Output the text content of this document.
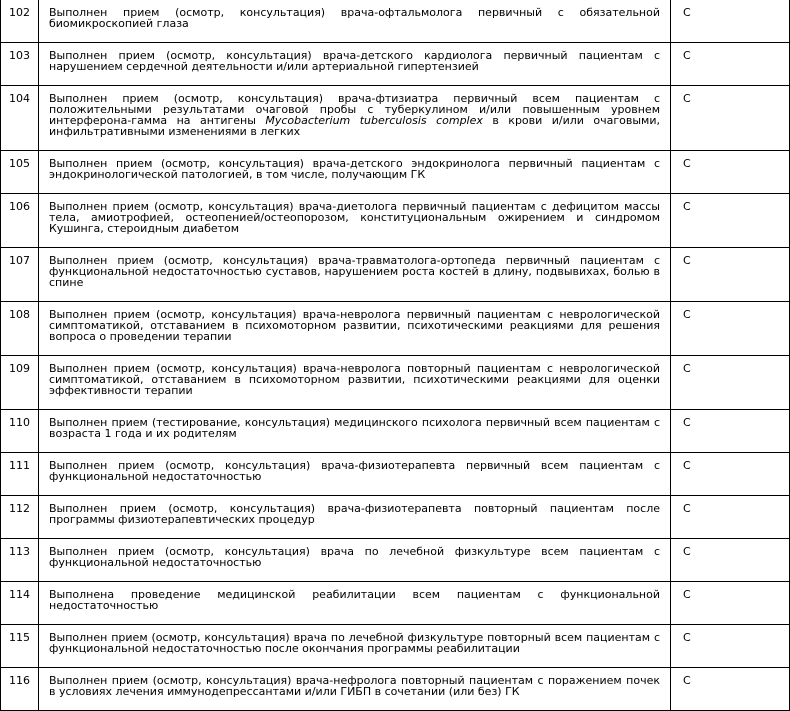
102	Выполнен прием (осмотр, консультация) врача-офтальмолога первичный с обязательной биомикроскопией глаза	С
103	Выполнен прием (осмотр, консультация) врача-детского кардиолога первичный пациентам с нарушением сердечной деятельности и/или артериальной гипертензией	С
104	Выполнен прием (осмотр, консультация) врача-фтизиатра первичный всем пациентам с положительными результатами очаговой пробы с туберкулином и/или повышенным уровнем интерферона-гамма на антигены Mycobacterium tuberculosis complex в крови и/или очаговыми, инфильтративными изменениями в легких	С
105	Выполнен прием (осмотр, консультация) врача-детского эндокринолога первичный пациентам с эндокринологической патологией, в том числе, получающим ГК	С
106	Выполнен прием (осмотр, консультация) врача-диетолога первичный пациентам с дефицитом массы тела, амиотрофией, остеопенией/остеопорозом, конституциональным ожирением и синдромом Кушинга, стероидным диабетом	С
107	Выполнен прием (осмотр, консультация) врача-травматолога-ортопеда первичный пациентам с функциональной недостаточностью суставов, нарушением роста костей в длину, подвывихах, болью в спине	С
108	Выполнен прием (осмотр, консультация) врача-невролога первичный пациентам с неврологической симптоматикой, отставанием в психомоторном развитии, психотическими реакциями для решения вопроса о проведении терапии	С
109	Выполнен прием (осмотр, консультация) врача-невролога повторный пациентам с неврологической симптоматикой, отставанием в психомоторном развитии, психотическими реакциями для оценки эффективности терапии	С
110	Выполнен прием (тестирование, консультация) медицинского психолога первичный всем пациентам с возраста 1 года и их родителям	С
111	Выполнен прием (осмотр, консультация) врача-физиотерапевта первичный всем пациентам с функциональной недостаточностью	С
112	Выполнен прием (осмотр, консультация) врача-физиотерапевта повторный пациентам после программы физиотерапевтических процедур	С
113	Выполнен прием (осмотр, консультация) врача по лечебной физкультуре всем пациентам с функциональной недостаточностью	С
114	Выполнена проведение медицинской реабилитации всем пациентам с функциональной недостаточностью	С
115	Выполнен прием (осмотр, консультация) врача по лечебной физкультуре повторный всем пациентам с функциональной недостаточностью после окончания программы реабилитации	С
116	Выполнен прием (осмотр, консультация) врача-нефролога повторный пациентам с поражением почек в условиях лечения иммунодепрессантами и/или ГИБП в сочетании (или без) ГК	С
